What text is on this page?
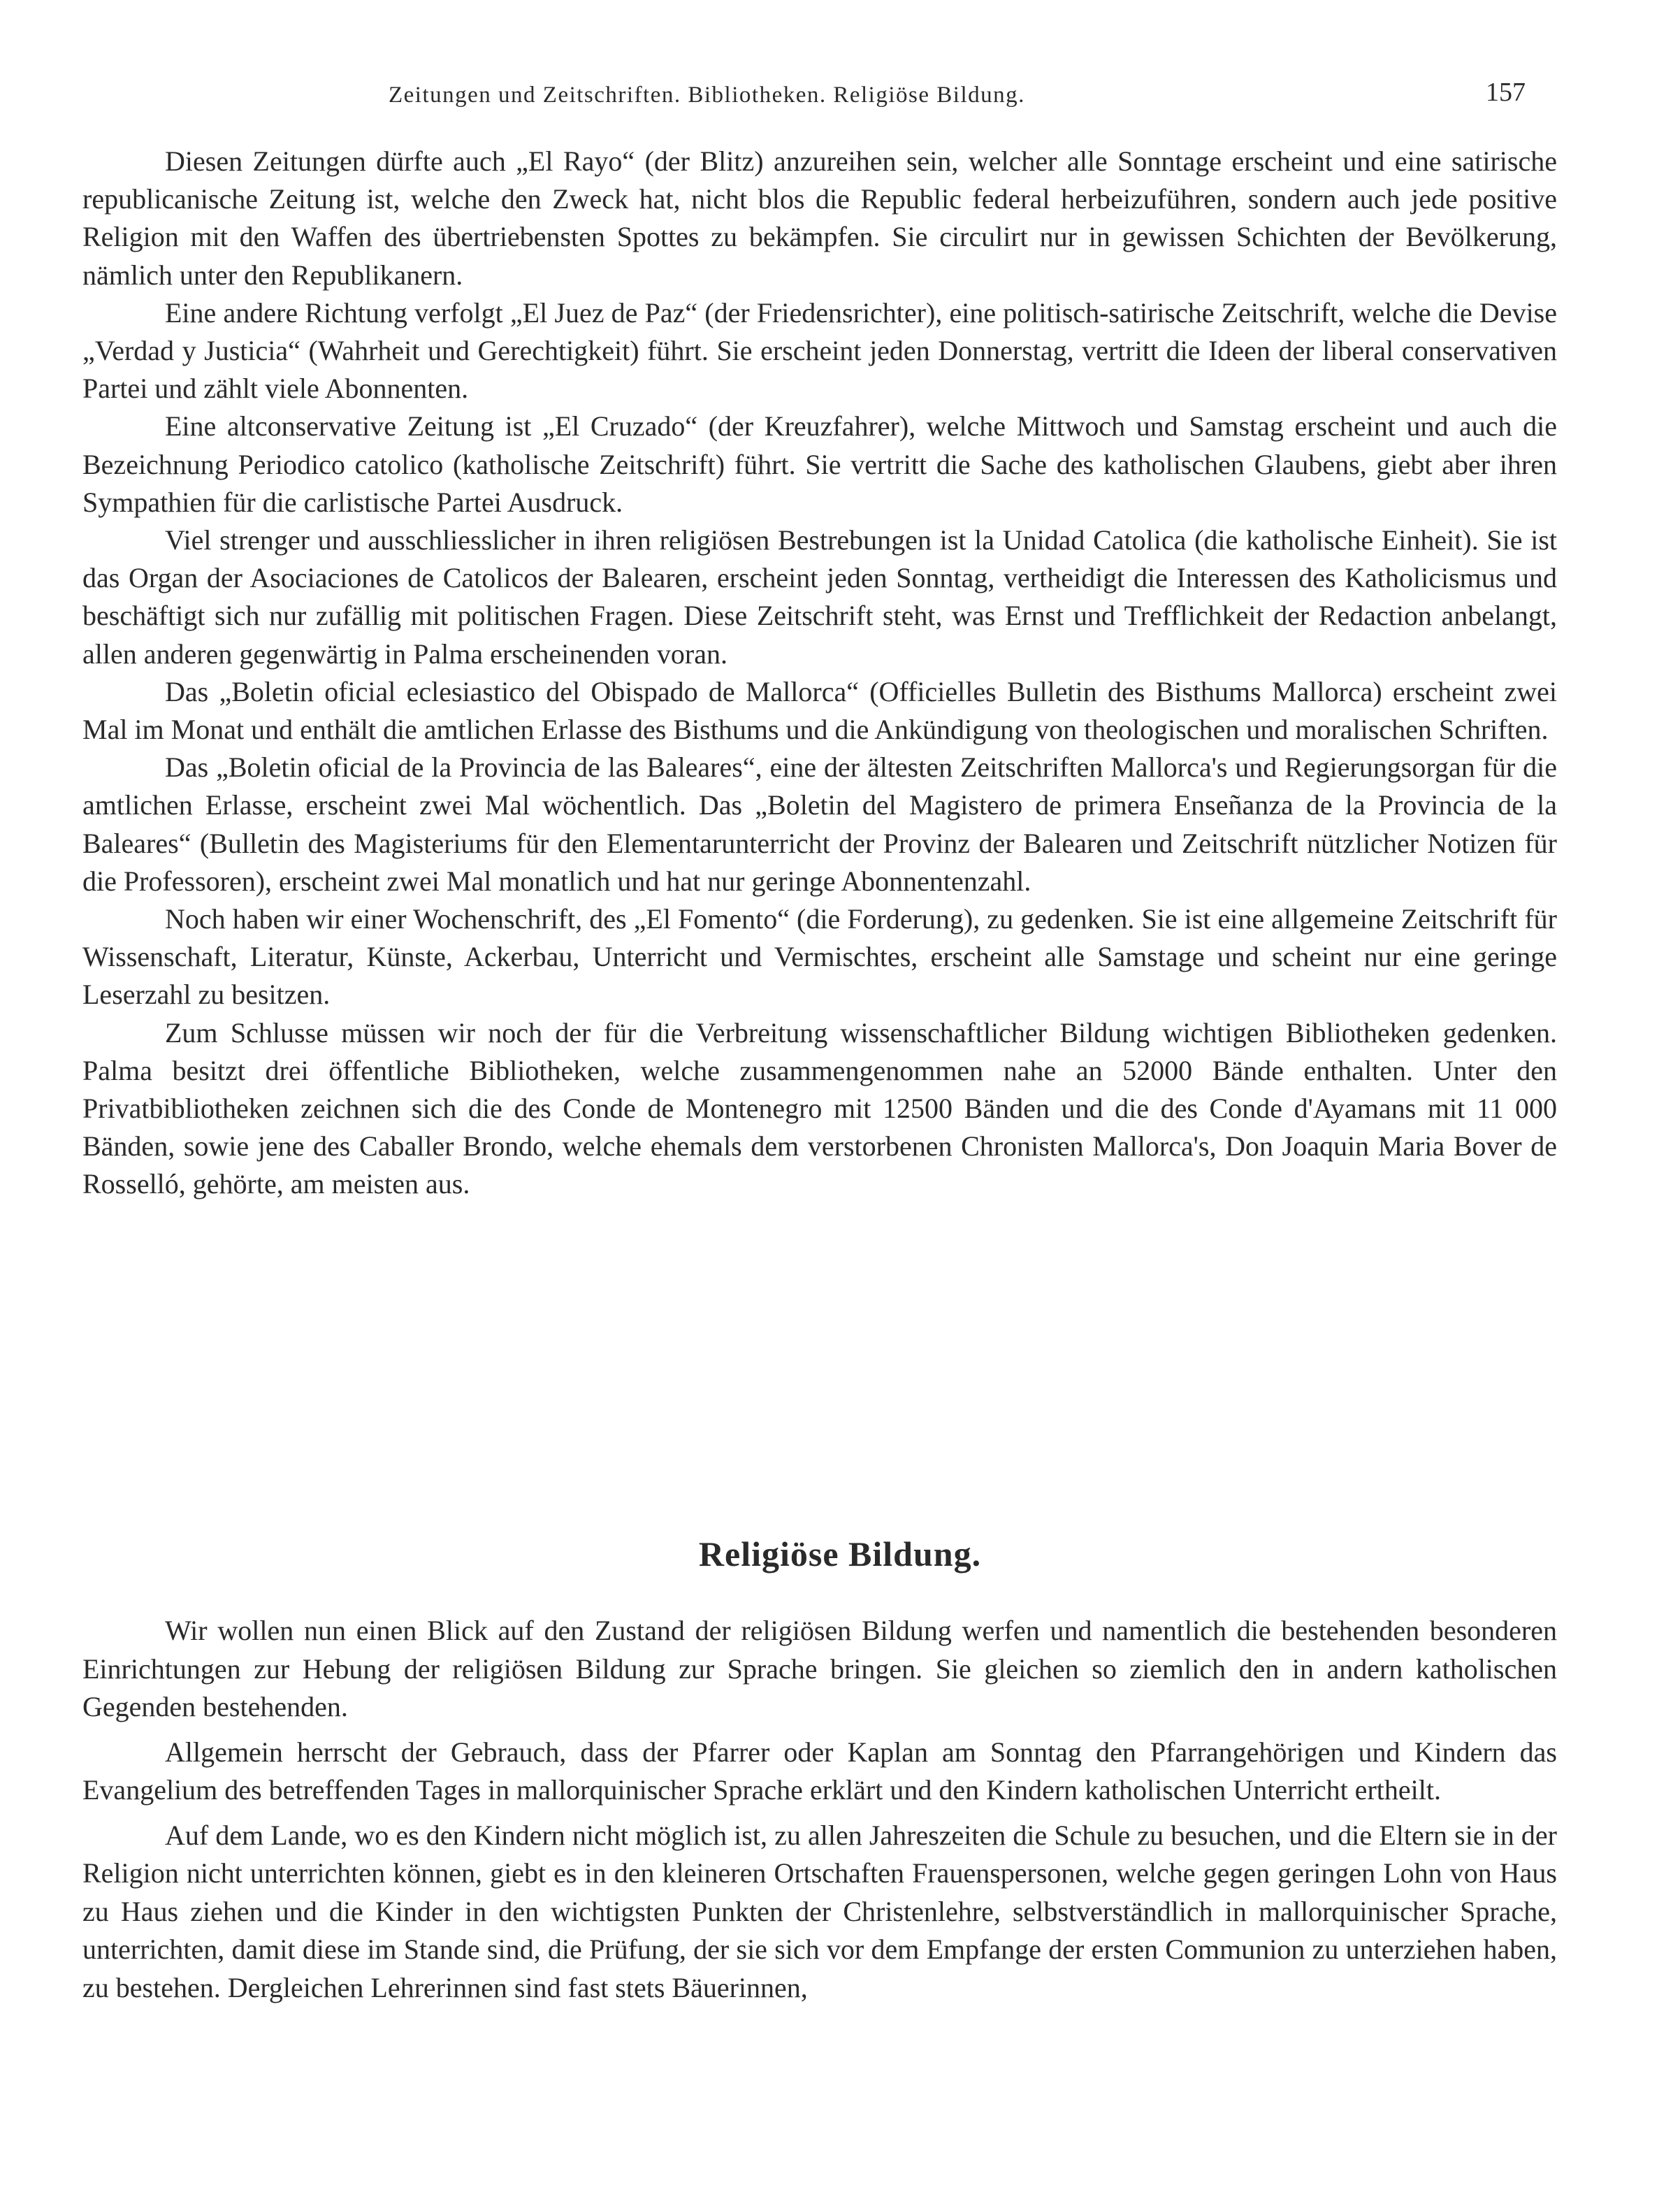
Zeitungen und Zeitschriften. Bibliotheken. Religiöse Bildung.	157

Diesen Zeitungen dürfte auch „El Rayo“ (der Blitz) anzureihen sein, welcher alle Sonntage erscheint und eine satirische republicanische Zeitung ist, welche den Zweck hat, nicht blos die Republic federal herbeizuführen, sondern auch jede positive Religion mit den Waffen des übertriebensten Spottes zu bekämpfen. Sie circulirt nur in gewissen Schichten der Bevölkerung, nämlich unter den Republikanern.

Eine andere Richtung verfolgt „El Juez de Paz“ (der Friedensrichter), eine politisch-satirische Zeitschrift, welche die Devise „Verdad y Justicia“ (Wahrheit und Gerechtigkeit) führt. Sie erscheint jeden Donnerstag, vertritt die Ideen der liberal conservativen Partei und zählt viele Abonnenten.

Eine altconservative Zeitung ist „El Cruzado“ (der Kreuzfahrer), welche Mittwoch und Samstag erscheint und auch die Bezeichnung Periodico catolico (katholische Zeitschrift) führt. Sie vertritt die Sache des katholischen Glaubens, giebt aber ihren Sympathien für die carlistische Partei Ausdruck.

Viel strenger und ausschliesslicher in ihren religiösen Bestrebungen ist la Unidad Catolica (die katholische Einheit). Sie ist das Organ der Asociaciones de Catolicos der Balearen, erscheint jeden Sonntag, vertheidigt die Interessen des Katholicismus und beschäftigt sich nur zufällig mit politischen Fragen. Diese Zeitschrift steht, was Ernst und Trefflichkeit der Redaction anbelangt, allen anderen gegenwärtig in Palma erscheinenden voran.

Das „Boletin oficial eclesiastico del Obispado de Mallorca“ (Officielles Bulletin des Bisthums Mallorca) erscheint zwei Mal im Monat und enthält die amtlichen Erlasse des Bisthums und die Ankündigung von theologischen und moralischen Schriften.

Das „Boletin oficial de la Provincia de las Baleares“, eine der ältesten Zeitschriften Mallorca's und Regierungsorgan für die amtlichen Erlasse, erscheint zwei Mal wöchentlich. Das „Boletin del Magistero de primera Enseñanza de la Provincia de la Baleares“ (Bulletin des Magisteriums für den Elementarunterricht der Provinz der Balearen und Zeitschrift nützlicher Notizen für die Professoren), erscheint zwei Mal monatlich und hat nur geringe Abonnentenzahl.

Noch haben wir einer Wochenschrift, des „El Fomento“ (die Forderung), zu gedenken. Sie ist eine allgemeine Zeitschrift für Wissenschaft, Literatur, Künste, Ackerbau, Unterricht und Vermischtes, erscheint alle Samstage und scheint nur eine geringe Leserzahl zu besitzen.

Zum Schlusse müssen wir noch der für die Verbreitung wissenschaftlicher Bildung wichtigen Bibliotheken gedenken. Palma besitzt drei öffentliche Bibliotheken, welche zusammengenommen nahe an 52000 Bände enthalten. Unter den Privatbibliotheken zeichnen sich die des Conde de Montenegro mit 12500 Bänden und die des Conde d'Ayamans mit 11 000 Bänden, sowie jene des Caballer Brondo, welche ehemals dem verstorbenen Chronisten Mallorca's, Don Joaquin Maria Bover de Rosselló, gehörte, am meisten aus.

Religiöse Bildung.

Wir wollen nun einen Blick auf den Zustand der religiösen Bildung werfen und namentlich die bestehenden besonderen Einrichtungen zur Hebung der religiösen Bildung zur Sprache bringen. Sie gleichen so ziemlich den in andern katholischen Gegenden bestehenden.

Allgemein herrscht der Gebrauch, dass der Pfarrer oder Kaplan am Sonntag den Pfarrangehörigen und Kindern das Evangelium des betreffenden Tages in mallorquinischer Sprache erklärt und den Kindern katholischen Unterricht ertheilt.

Auf dem Lande, wo es den Kindern nicht möglich ist, zu allen Jahreszeiten die Schule zu besuchen, und die Eltern sie in der Religion nicht unterrichten können, giebt es in den kleineren Ortschaften Frauenspersonen, welche gegen geringen Lohn von Haus zu Haus ziehen und die Kinder in den wichtigsten Punkten der Christenlehre, selbstverständlich in mallorquinischer Sprache, unterrichten, damit diese im Stande sind, die Prüfung, der sie sich vor dem Empfange der ersten Communion zu unterziehen haben, zu bestehen. Dergleichen Lehrerinnen sind fast stets Bäuerinnen,
